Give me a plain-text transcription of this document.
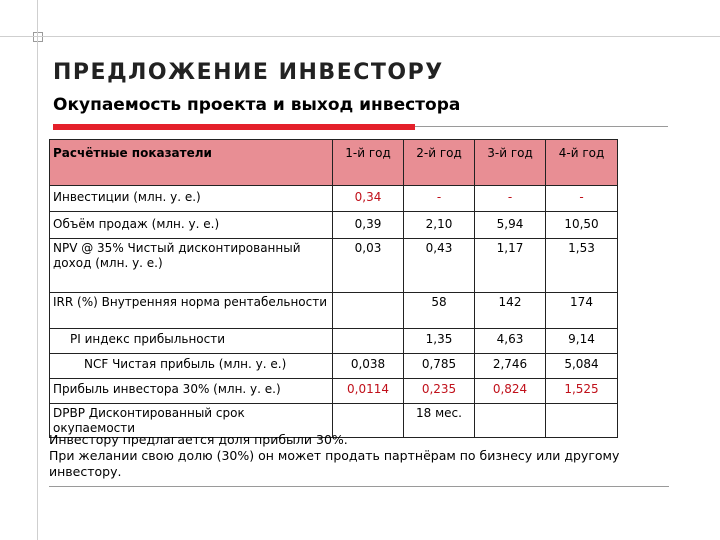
ПРЕДЛОЖЕНИЕ ИНВЕСТОРУ
Окупаемость проекта и выход инвестора
Расчётные показатели	1-й год	2-й год	3-й год	4-й год
Инвестиции (млн. у. е.)	0,34	-	-	-
Объём продаж (млн. у. е.)	0,39	2,10	5,94	10,50
NPV @ 35% Чистый дисконтированный доход (млн. у. е.)	0,03	0,43	1,17	1,53
IRR (%) Внутренняя норма рентабельности		58	142	174
PI индекс прибыльности		1,35	4,63	9,14
NCF Чистая прибыль (млн. у. е.)	0,038	0,785	2,746	5,084
Прибыль инвестора 30% (млн. у. е.)	0,0114	0,235	0,824	1,525
DPBP Дисконтированный срок окупаемости		18 мес.		

Инвестору предлагается доля прибыли 30%.

При желании свою долю (30%) он может продать партнёрам по бизнесу или другому инвестору.
